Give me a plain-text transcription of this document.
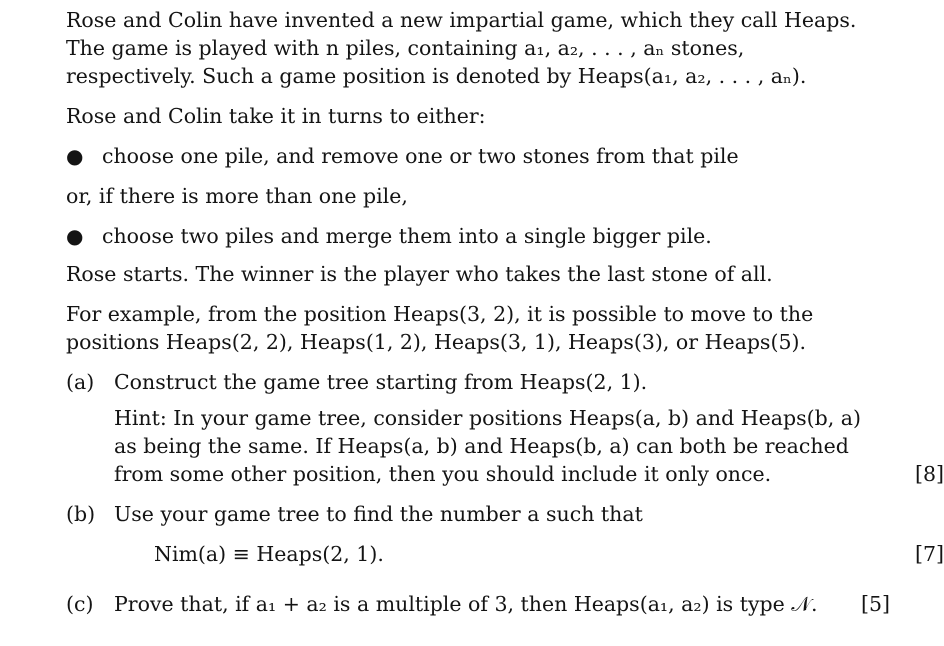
Rose and Colin have invented a new impartial game, which they call Heaps.
The game is played with n piles, containing a₁, a₂, . . . , aₙ stones,
respectively. Such a game position is denoted by Heaps(a₁, a₂, . . . , aₙ).

Rose and Colin take it in turns to either:

● choose one pile, and remove one or two stones from that pile

or, if there is more than one pile,

● choose two piles and merge them into a single bigger pile.

Rose starts. The winner is the player who takes the last stone of all.

For example, from the position Heaps(3, 2), it is possible to move to the
positions Heaps(2, 2), Heaps(1, 2), Heaps(3, 1), Heaps(3), or Heaps(5).

(a) Construct the game tree starting from Heaps(2, 1).
Hint: In your game tree, consider positions Heaps(a, b) and Heaps(b, a)
as being the same. If Heaps(a, b) and Heaps(b, a) can both be reached
from some other position, then you should include it only once.	[8]
(b) Use your game tree to find the number a such that
Nim(a) ≡ Heaps(2, 1).	[7]
(c) Prove that, if a₁ + a₂ is a multiple of 3, then Heaps(a₁, a₂) is type 𝒩. [5]
